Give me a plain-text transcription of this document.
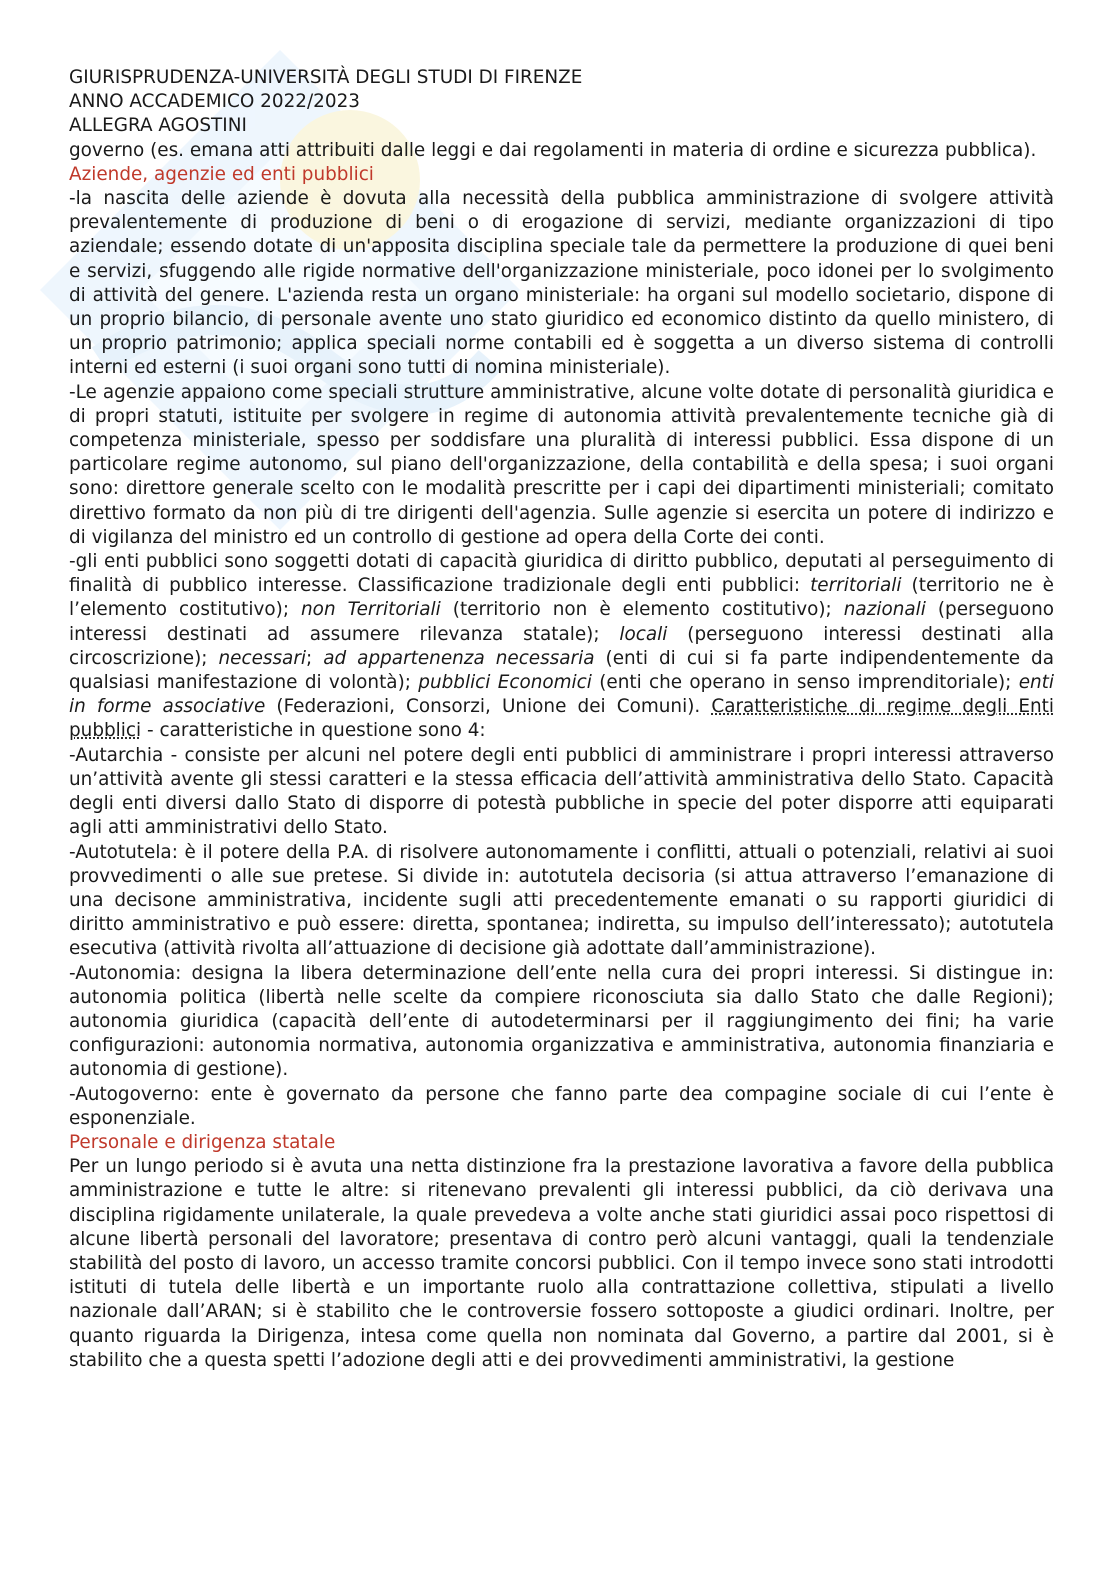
GIURISPRUDENZA-UNIVERSITÀ DEGLI STUDI DI FIRENZE
ANNO ACCADEMICO 2022/2023
ALLEGRA AGOSTINI

governo (es. emana atti attribuiti dalle leggi e dai regolamenti in materia di ordine e sicurezza pubblica).

Aziende, agenzie ed enti pubblici

-la nascita delle aziende è dovuta alla necessità della pubblica amministrazione di svolgere attività prevalentemente di produzione di beni o di erogazione di servizi, mediante organizzazioni di tipo aziendale; essendo dotate di un'apposita disciplina speciale tale da permettere la produzione di quei beni e servizi, sfuggendo alle rigide normative dell'organizzazione ministeriale, poco idonei per lo svolgimento di attività del genere. L'azienda resta un organo ministeriale: ha organi sul modello societario, dispone di un proprio bilancio, di personale avente uno stato giuridico ed economico distinto da quello ministero, di un proprio patrimonio; applica speciali norme contabili ed è soggetta a un diverso sistema di controlli interni ed esterni (i suoi organi sono tutti di nomina ministeriale).

-Le agenzie appaiono come speciali strutture amministrative, alcune volte dotate di personalità giuridica e di propri statuti, istituite per svolgere in regime di autonomia attività prevalentemente tecniche già di competenza ministeriale, spesso per soddisfare una pluralità di interessi pubblici. Essa dispone di un particolare regime autonomo, sul piano dell'organizzazione, della contabilità e della spesa; i suoi organi sono: direttore generale scelto con le modalità prescritte per i capi dei dipartimenti ministeriali; comitato direttivo formato da non più di tre dirigenti dell'agenzia. Sulle agenzie si esercita un potere di indirizzo e di vigilanza del ministro ed un controllo di gestione ad opera della Corte dei conti.

-gli enti pubblici sono soggetti dotati di capacità giuridica di diritto pubblico, deputati al perseguimento di finalità di pubblico interesse. Classificazione tradizionale degli enti pubblici: territoriali (territorio ne è l’elemento costitutivo); non Territoriali (territorio non è elemento costitutivo); nazionali (perseguono interessi destinati ad assumere rilevanza statale); locali (perseguono interessi destinati alla circoscrizione); necessari; ad appartenenza necessaria (enti di cui si fa parte indipendentemente da qualsiasi manifestazione di volontà); pubblici Economici (enti che operano in senso imprenditoriale); enti in forme associative (Federazioni, Consorzi, Unione dei Comuni). Caratteristiche di regime degli Enti pubblici - caratteristiche in questione sono 4:

-Autarchia - consiste per alcuni nel potere degli enti pubblici di amministrare i propri interessi attraverso un’attività avente gli stessi caratteri e la stessa efficacia dell’attività amministrativa dello Stato. Capacità degli enti diversi dallo Stato di disporre di potestà pubbliche in specie del poter disporre atti equiparati agli atti amministrativi dello Stato.

-Autotutela: è il potere della P.A. di risolvere autonomamente i conflitti, attuali o potenziali, relativi ai suoi provvedimenti o alle sue pretese. Si divide in: autotutela decisoria (si attua attraverso l’emanazione di una decisone amministrativa, incidente sugli atti precedentemente emanati o su rapporti giuridici di diritto amministrativo e può essere: diretta, spontanea; indiretta, su impulso dell’interessato); autotutela esecutiva (attività rivolta all’attuazione di decisione già adottate dall’amministrazione).

-Autonomia: designa la libera determinazione dell’ente nella cura dei propri interessi. Si distingue in: autonomia politica (libertà nelle scelte da compiere riconosciuta sia dallo Stato che dalle Regioni); autonomia giuridica (capacità dell’ente di autodeterminarsi per il raggiungimento dei fini; ha varie configurazioni: autonomia normativa, autonomia organizzativa e amministrativa, autonomia finanziaria e autonomia di gestione).

-Autogoverno: ente è governato da persone che fanno parte dea compagine sociale di cui l’ente è esponenziale.

Personale e dirigenza statale

Per un lungo periodo si è avuta una netta distinzione fra la prestazione lavorativa a favore della pubblica amministrazione e tutte le altre: si ritenevano prevalenti gli interessi pubblici, da ciò derivava una disciplina rigidamente unilaterale, la quale prevedeva a volte anche stati giuridici assai poco rispettosi di alcune libertà personali del lavoratore; presentava di contro però alcuni vantaggi, quali la tendenziale stabilità del posto di lavoro, un accesso tramite concorsi pubblici. Con il tempo invece sono stati introdotti istituti di tutela delle libertà e un importante ruolo alla contrattazione collettiva, stipulati a livello nazionale dall’ARAN; si è stabilito che le controversie fossero sottoposte a giudici ordinari. Inoltre, per quanto riguarda la Dirigenza, intesa come quella non nominata dal Governo, a partire dal 2001, si è stabilito che a questa spetti l’adozione degli atti e dei provvedimenti amministrativi, la gestione
